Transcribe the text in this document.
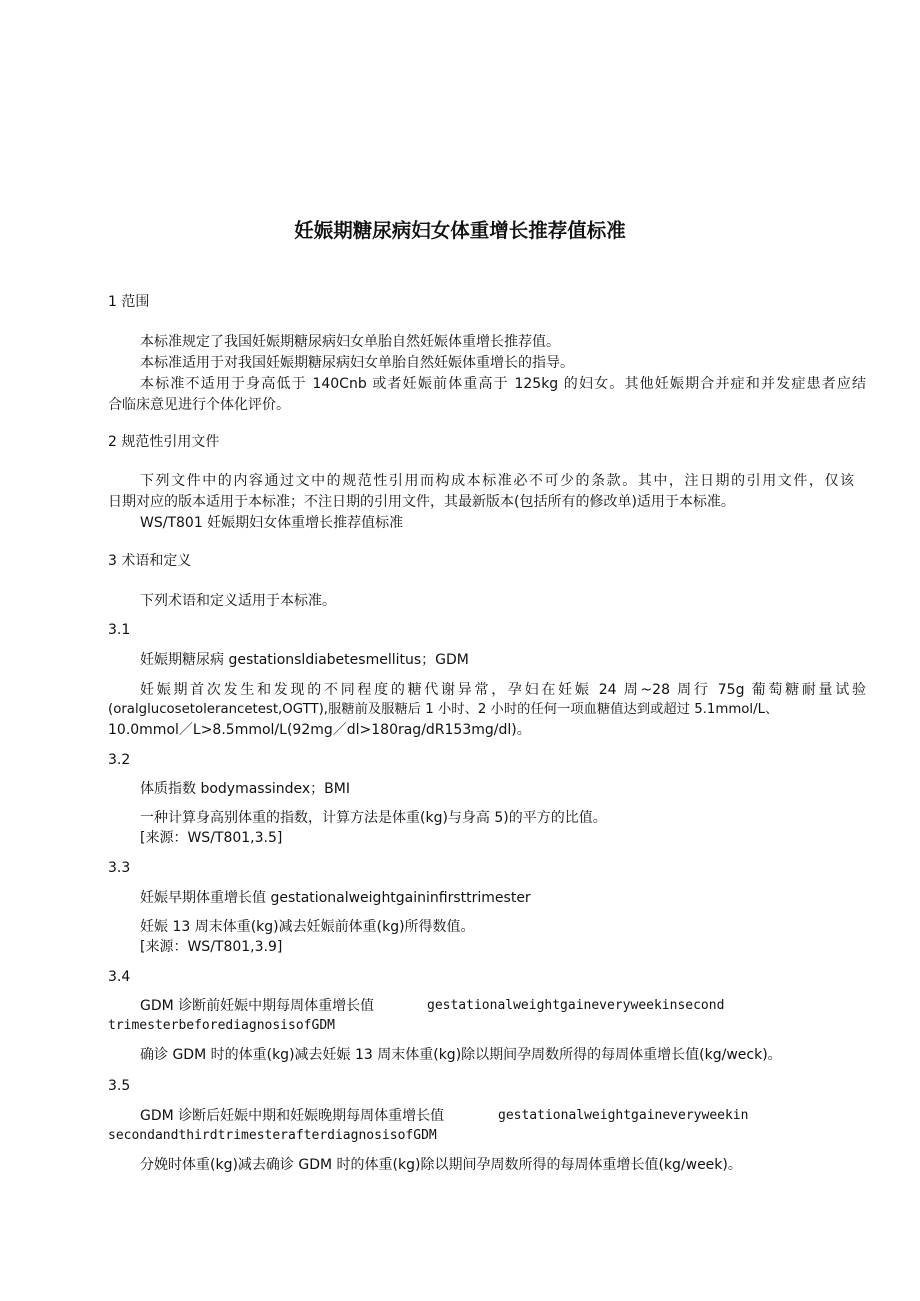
妊娠期糖尿病妇女体重增长推荐值标准

1 范围

本标准规定了我国妊娠期糖尿病妇女单胎自然妊娠体重增长推荐值。

本标准适用于对我国妊娠期糖尿病妇女单胎自然妊娠体重增长的指导。

本标准不适用于身高低于 140Cnb 或者妊娠前体重高于 125kg 的妇女。其他妊娠期合并症和并发症患者应结

合临床意见进行个体化评价。

2 规范性引用文件

下列文件中的内容通过文中的规范性引用而构成本标准必不可少的条款。其中，注日期的引用文件，仅该

日期对应的版本适用于本标准；不注日期的引用文件，其最新版本(包括所有的修改单)适用于本标准。

WS/T801 妊娠期妇女体重增长推荐值标准

3 术语和定义

下列术语和定义适用于本标准。

3.1

妊娠期糖尿病 gestationsldiabetesmellitus；GDM

妊娠期首次发生和发现的不同程度的糖代谢异常，孕妇在妊娠 24 周~28 周行 75g 葡萄糖耐量试验

(oralglucosetolerancetest,OGTT),服糖前及服糖后 1 小时、2 小时的任何一项血糖值达到或超过 5.1mmol/L、

10.0mmol／L>8.5mmol/L(92mg／dl>180rag/dR153mg/dl)。

3.2

体质指数 bodymassindex；BMI

一种计算身高别体重的指数，计算方法是体重(kg)与身高 5)的平方的比值。

[来源：WS/T801,3.5]

3.3

妊娠早期体重增长值 gestationalweightgaininfirsttrimester

妊娠 13 周末体重(kg)减去妊娠前体重(kg)所得数值。

[来源：WS/T801,3.9]

3.4

GDM 诊断前妊娠中期每周体重增长值	gestationalweightgaineveryweekinsecond

trimesterbeforediagnosisofGDM

确诊 GDM 时的体重(kg)减去妊娠 13 周末体重(kg)除以期间孕周数所得的每周体重增长值(kg/weck)。

3.5

GDM 诊断后妊娠中期和妊娠晚期每周体重增长值	gestationalweightgaineveryweekin

secondandthirdtrimesterafterdiagnosisofGDM

分娩时体重(kg)减去确诊 GDM 时的体重(kg)除以期间孕周数所得的每周体重增长值(kg/week)。
